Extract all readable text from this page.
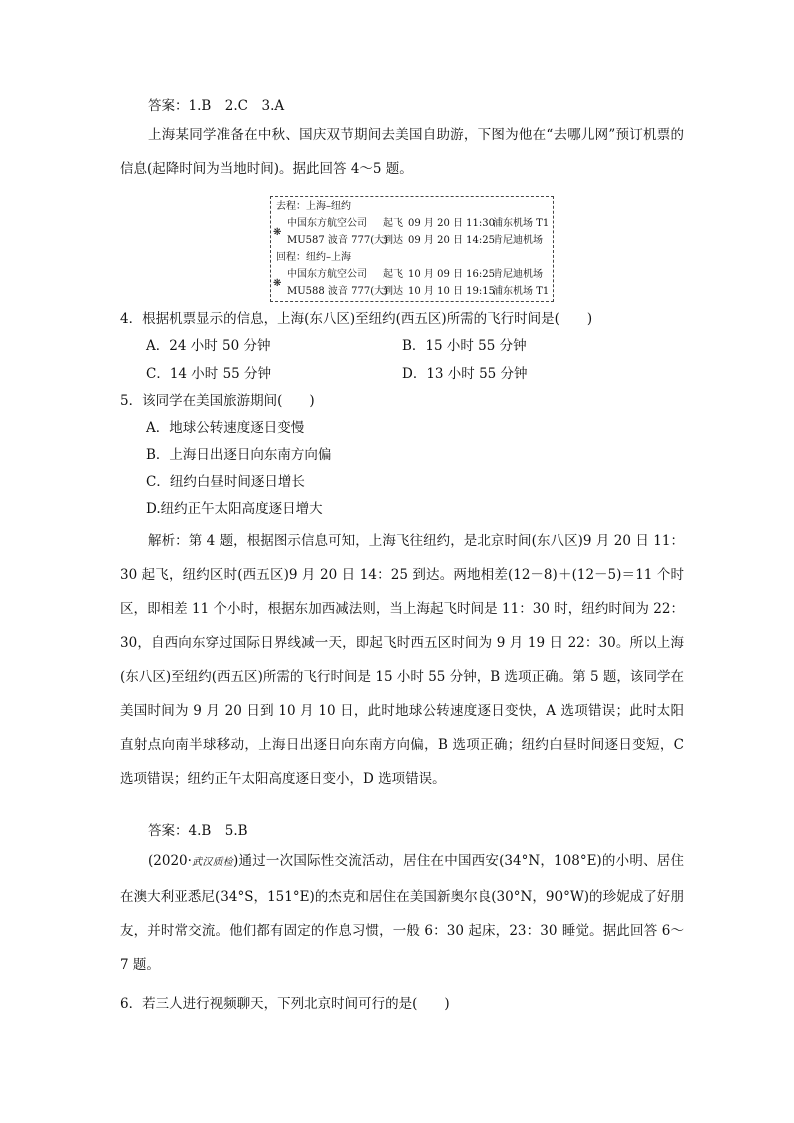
答案：1.B　2.C　3.A
上海某同学准备在中秋、国庆双节期间去美国自助游，下图为他在“去哪儿网”预订机票的信息(起降时间为当地时间)。据此回答 4～5 题。
去程：上海–纽约
中国东方航空公司 起飞 09 月 20 日 11:30
浦东机场 T1
❋
MU587 波音 777(大)
到达 09 月 20 日 14:25
肯尼迪机场
回程：纽约–上海
中国东方航空公司 起飞 10 月 09 日 16:25
肯尼迪机场
❋
MU588 波音 777(大)
到达 10 月 10 日 19:15
浦东机场 T1
4．根据机票显示的信息，上海(东八区)至纽约(西五区)所需的飞行时间是(　　)
A．24 小时 50 分钟	B．15 小时 55 分钟
C．14 小时 55 分钟	D．13 小时 55 分钟
5．该同学在美国旅游期间(　　)
A．地球公转速度逐日变慢
B．上海日出逐日向东南方向偏
C．纽约白昼时间逐日增长
D.纽约正午太阳高度逐日增大
解析：第 4 题，根据图示信息可知，上海飞往纽约，是北京时间(东八区)9 月 20 日 11：30 起飞，纽约区时(西五区)9 月 20 日 14：25 到达。两地相差(12－8)＋(12－5)＝11 个时区，即相差 11 个小时，根据东加西减法则，当上海起飞时间是 11：30 时，纽约时间为 22：30，自西向东穿过国际日界线减一天，即起飞时西五区时间为 9 月 19 日 22：30。所以上海(东八区)至纽约(西五区)所需的飞行时间是 15 小时 55 分钟，B 选项正确。第 5 题，该同学在美国时间为 9 月 20 日到 10 月 10 日，此时地球公转速度逐日变快，A 选项错误；此时太阳直射点向南半球移动，上海日出逐日向东南方向偏，B 选项正确；纽约白昼时间逐日变短，C 选项错误；纽约正午太阳高度逐日变小，D 选项错误。
答案：4.B　5.B
(2020·武汉质检)通过一次国际性交流活动，居住在中国西安(34°N，108°E)的小明、居住在澳大利亚悉尼(34°S，151°E)的杰克和居住在美国新奥尔良(30°N，90°W)的珍妮成了好朋友，并时常交流。他们都有固定的作息习惯，一般 6：30 起床，23：30 睡觉。据此回答 6～7 题。
6．若三人进行视频聊天，下列北京时间可行的是(　　)
